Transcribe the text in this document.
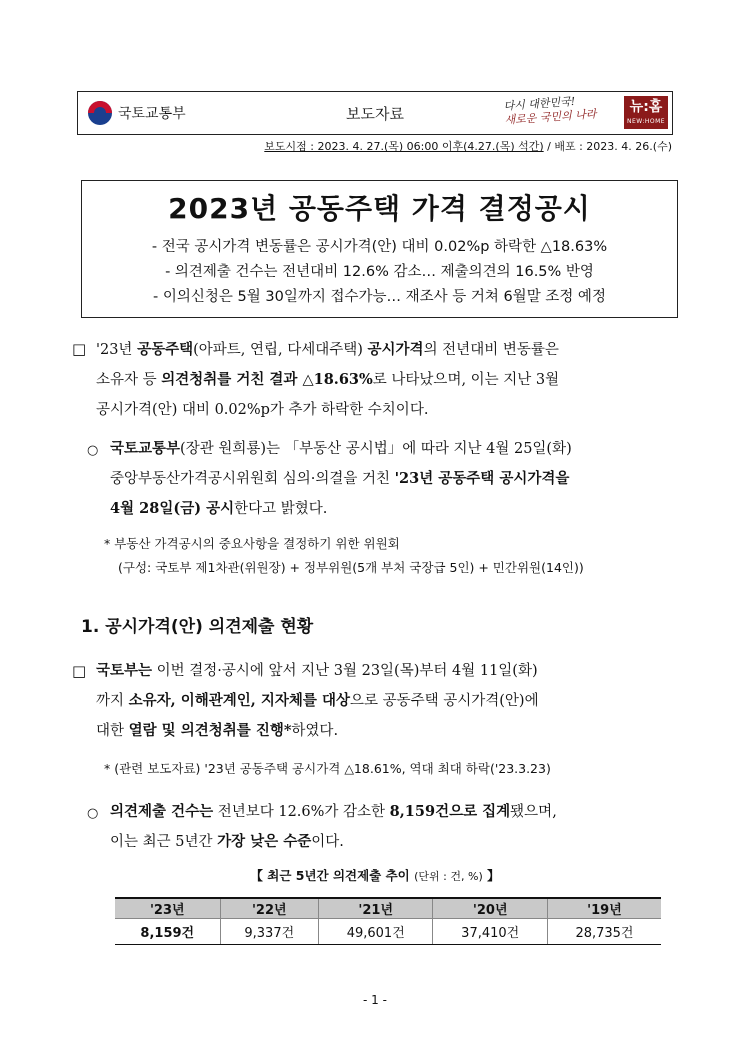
국토교통부	보도자료
다시 대한민국!
새로운 국민의 나라
뉴:홈
NEW:HOME
보도시점 : 2023. 4. 27.(목) 06:00 이후(4.27.(목) 석간) / 배포 : 2023. 4. 26.(수)
2023년 공동주택 가격 결정공시
- 전국 공시가격 변동률은 공시가격(안) 대비 0.02%p 하락한 △18.63%
- 의견제출 건수는 전년대비 12.6% 감소… 제출의견의 16.5% 반영
- 이의신청은 5월 30일까지 접수가능… 재조사 등 거쳐 6월말 조정 예정
□ '23년 공동주택(아파트, 연립, 다세대주택) 공시가격의 전년대비 변동률은
소유자 등 의견청취를 거친 결과 △18.63%로 나타났으며, 이는 지난 3월
공시가격(안) 대비 0.02%p가 추가 하락한 수치이다.
○ 국토교통부(장관 원희룡)는 「부동산 공시법」에 따라 지난 4월 25일(화)
중앙부동산가격공시위원회 심의·의결을 거친 '23년 공동주택 공시가격을
4월 28일(금) 공시한다고 밝혔다.
* 부동산 가격공시의 중요사항을 결정하기 위한 위원회
(구성: 국토부 제1차관(위원장) + 정부위원(5개 부처 국장급 5인) + 민간위원(14인))
1. 공시가격(안) 의견제출 현황
□ 국토부는 이번 결정·공시에 앞서 지난 3월 23일(목)부터 4월 11일(화)
까지 소유자, 이해관계인, 지자체를 대상으로 공동주택 공시가격(안)에
대한 열람 및 의견청취를 진행*하였다.
* (관련 보도자료) '23년 공동주택 공시가격 △18.61%, 역대 최대 하락('23.3.23)
○ 의견제출 건수는 전년보다 12.6%가 감소한 8,159건으로 집계됐으며,
이는 최근 5년간 가장 낮은 수준이다.
【 최근 5년간 의견제출 추이 (단위 : 건, %) 】
'23년	'22년	'21년	'20년	'19년
8,159건	9,337건	49,601건	37,410건	28,735건
- 1 -
